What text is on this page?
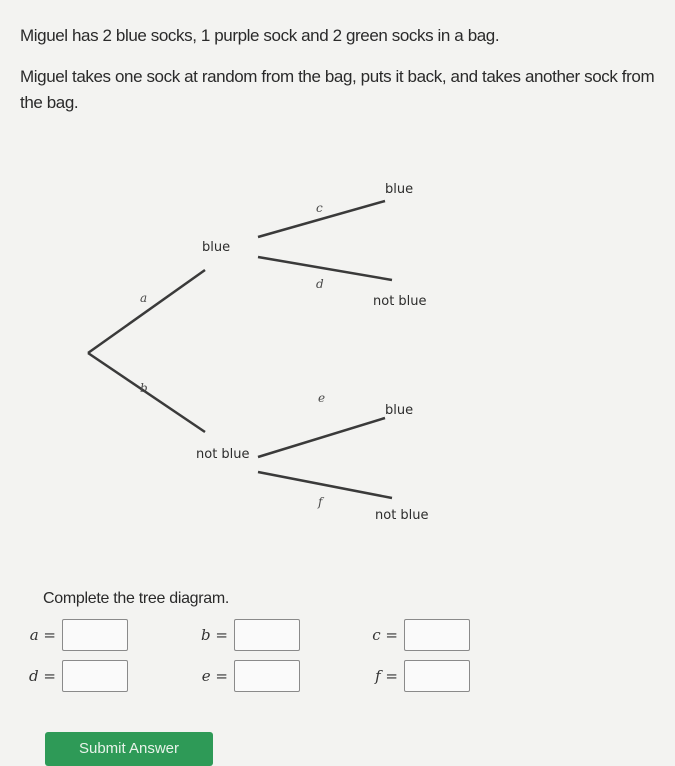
Miguel has 2 blue socks, 1 purple sock and 2 green socks in a bag.

Miguel takes one sock at random from the bag, puts it back, and takes another sock from the bag.

blue
not blue
blue
not blue
blue
not blue
a
b
c
d
e
f

Complete the tree diagram.

a =
d =
b =
e =
c =
f =
Submit Answer
